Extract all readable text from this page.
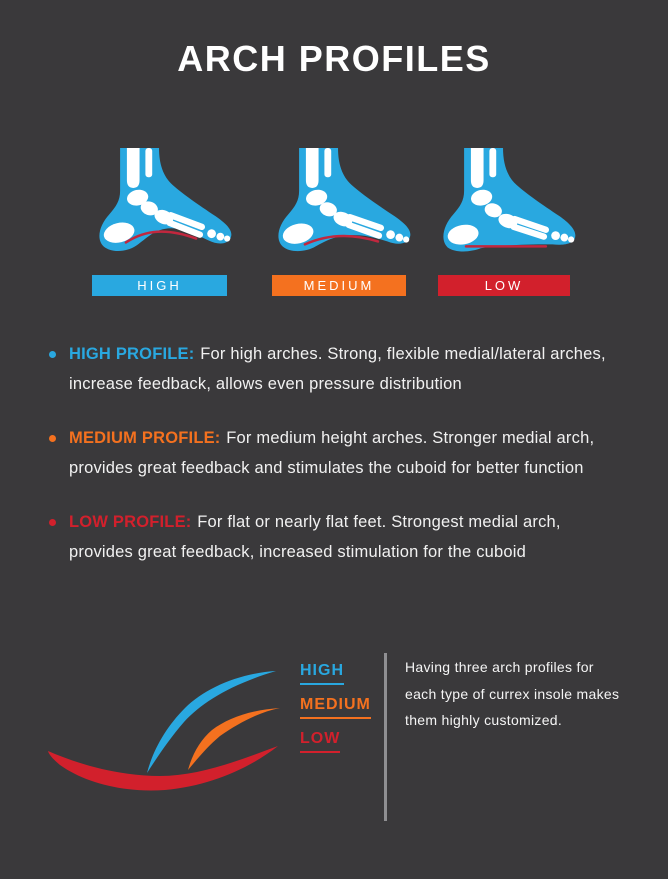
ARCH PROFILES
HIGH	MEDIUM	LOW
HIGH PROFILE: For high arches. Strong, flexible medial/lateral arches, increase feedback, allows even pressure distribution
MEDIUM PROFILE: For medium height arches. Stronger medial arch, provides great feedback and stimulates the cuboid for better function
LOW PROFILE: For flat or nearly flat feet. Strongest medial arch, provides great feedback, increased stimulation for the cuboid
HIGH
MEDIUM
LOW
Having three arch profiles for
each type of currex insole makes
them highly customized.
